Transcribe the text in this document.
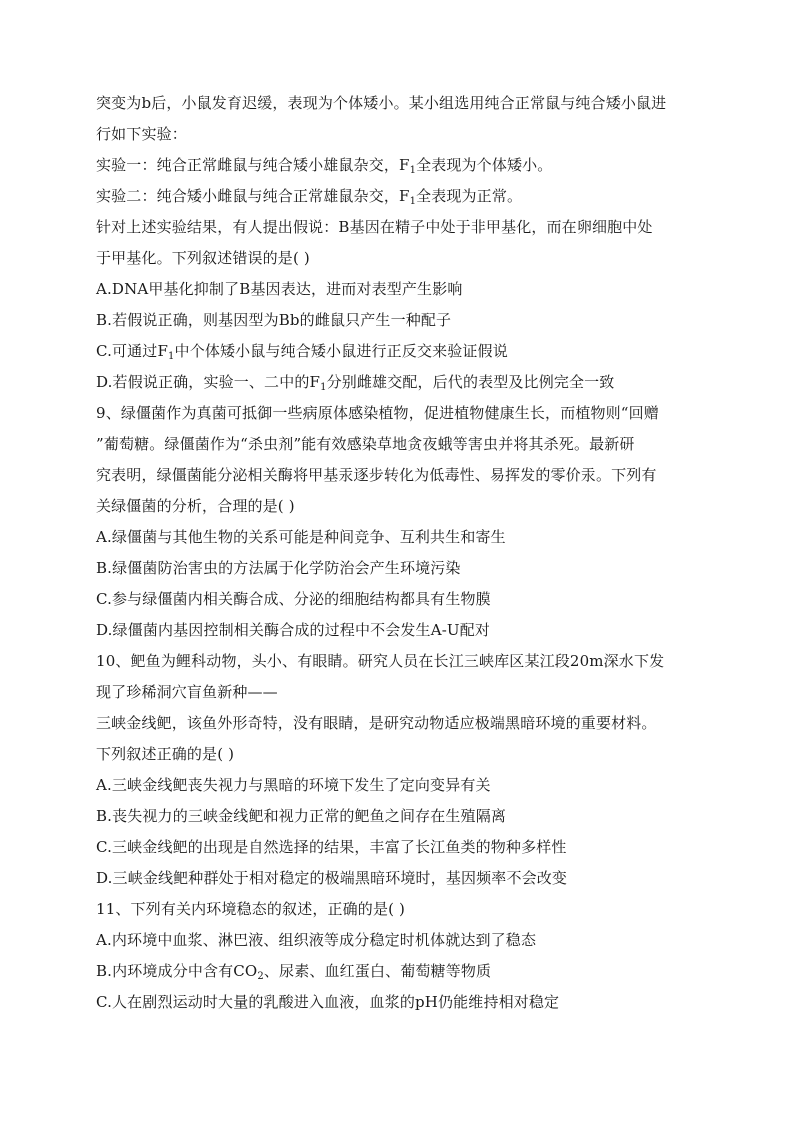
突变为b后，小鼠发育迟缓，表现为个体矮小。某小组选用纯合正常鼠与纯合矮小鼠进
行如下实验：
实验一：纯合正常雌鼠与纯合矮小雄鼠杂交，$F_1$全表现为个体矮小。
实验二：纯合矮小雌鼠与纯合正常雄鼠杂交，$F_1$全表现为正常。
针对上述实验结果，有人提出假说：B基因在精子中处于非甲基化，而在卵细胞中处
于甲基化。下列叙述错误的是( )
A.DNA甲基化抑制了B基因表达，进而对表型产生影响
B.若假说正确，则基因型为Bb的雌鼠只产生一种配子
C.可通过$F_1$中个体矮小鼠与纯合矮小鼠进行正反交来验证假说
D.若假说正确，实验一、二中的$F_1$分别雌雄交配，后代的表型及比例完全一致
9、绿僵菌作为真菌可抵御一些病原体感染植物，促进植物健康生长，而植物则“回赠
”葡萄糖。绿僵菌作为“杀虫剂”能有效感染草地贪夜蛾等害虫并将其杀死。最新研
究表明，绿僵菌能分泌相关酶将甲基汞逐步转化为低毒性、易挥发的零价汞。下列有
关绿僵菌的分析，合理的是( )
A.绿僵菌与其他生物的关系可能是种间竞争、互利共生和寄生
B.绿僵菌防治害虫的方法属于化学防治会产生环境污染
C.参与绿僵菌内相关酶合成、分泌的细胞结构都具有生物膜
D.绿僵菌内基因控制相关酶合成的过程中不会发生A-U配对
10、鲃鱼为鲤科动物，头小、有眼睛。研究人员在长江三峡库区某江段20m深水下发
现了珍稀洞穴盲鱼新种——
三峡金线鲃，该鱼外形奇特，没有眼睛，是研究动物适应极端黑暗环境的重要材料。
下列叙述正确的是( )
A.三峡金线鲃丧失视力与黑暗的环境下发生了定向变异有关
B.丧失视力的三峡金线鲃和视力正常的鲃鱼之间存在生殖隔离
C.三峡金线鲃的出现是自然选择的结果，丰富了长江鱼类的物种多样性
D.三峡金线鲃种群处于相对稳定的极端黑暗环境时，基因频率不会改变
11、下列有关内环境稳态的叙述，正确的是( )
A.内环境中血浆、淋巴液、组织液等成分稳定时机体就达到了稳态
B.内环境成分中含有$CO_2$、尿素、血红蛋白、葡萄糖等物质
C.人在剧烈运动时大量的乳酸进入血液，血浆的pH仍能维持相对稳定
